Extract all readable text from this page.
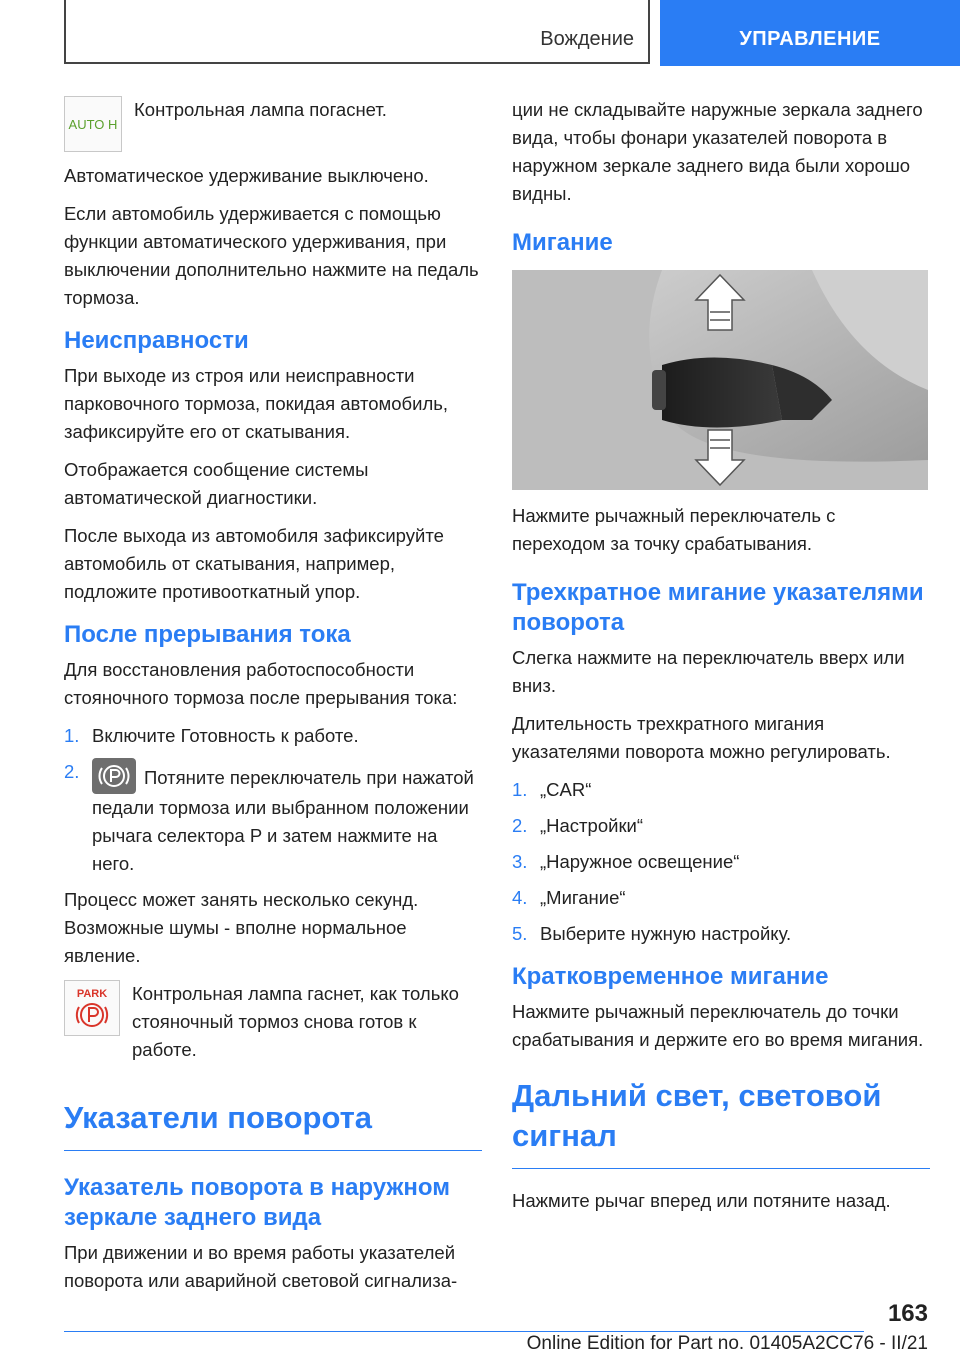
Вождение	УПРАВЛЕНИЕ
AUTO H

Контрольная лампа погаснет.

Автоматическое удерживание выключено.

Если автомобиль удерживается с помощью функции автоматического удерживания, при выключении дополнительно нажмите на педаль тормоза.

Неисправности

При выходе из строя или неисправности парковочного тормоза, покидая автомобиль, зафиксируйте его от скатывания.

Отображается сообщение системы автоматической диагностики.

После выхода из автомобиля зафиксируйте автомобиль от скатывания, например, подложите противооткатный упор.

После прерывания тока

Для восстановления работоспособности стояночного тормоза после прерывания тока:

1. Включите Готовность к работе.
2.	Потяните переключатель при нажатой педали тормоза или выбранном положении рычага селектора P и затем нажмите на него.

Процесс может занять несколько секунд. Возможные шумы - вполне нормальное явление.

PARK Контрольная лампа гаснет, как только стояночный тормоз снова готов к работе.

Указатели поворота
Указатель поворота в наружном зеркале заднего вида

При движении и во время работы указателей поворота или аварийной световой сигнализа-

ции не складывайте наружные зеркала заднего вида, чтобы фонари указателей поворота в наружном зеркале заднего вида были хорошо видны.

Мигание

Нажмите рычажный переключатель с переходом за точку срабатывания.

Трехкратное мигание указателями поворота

Слегка нажмите на переключатель вверх или вниз.

Длительность трехкратного мигания указателями поворота можно регулировать.

1. „CAR“
2. „Настройки“
3. „Наружное освещение“
4. „Мигание“
5. Выберите нужную настройку.
Кратковременное мигание

Нажмите рычажный переключатель до точки срабатывания и держите его во время мигания.

Дальний свет, световой сигнал

Нажмите рычаг вперед или потяните назад.

163
Online Edition for Part no. 01405A2CC76 - II/21
